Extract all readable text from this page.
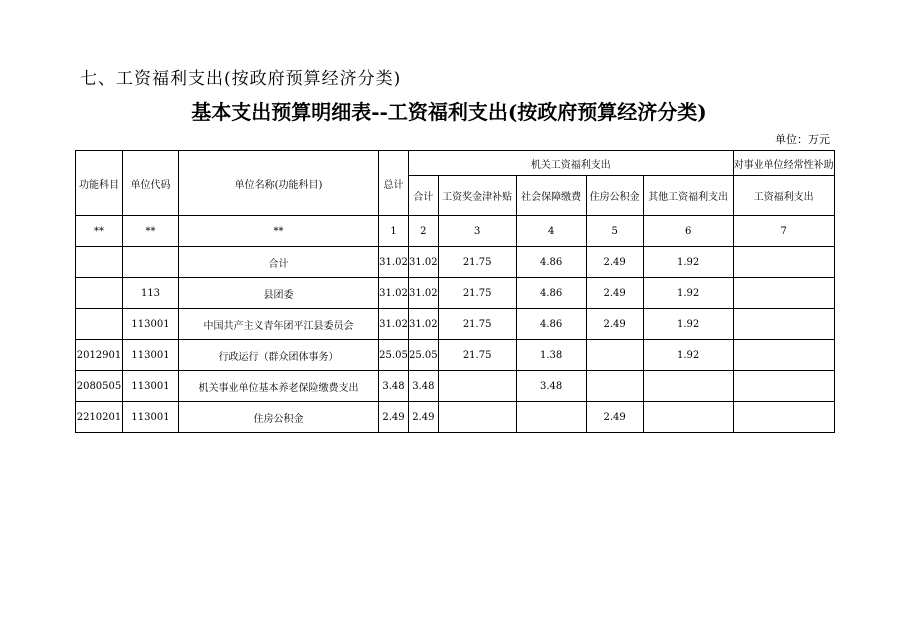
七、工资福利支出(按政府预算经济分类)
基本支出预算明细表--工资福利支出(按政府预算经济分类)
单位：万元
功能科目	单位代码	单位名称(功能科目)	总计	机关工资福利支出					对事业单位经常性补助
				合计	工资奖金津补贴	社会保障缴费	住房公积金	其他工资福利支出	工资福利支出
**	**	**	1	2	3	4	5	6	7
		合计	31.02	31.02	21.75	4.86	2.49	1.92	
	113	县团委	31.02	31.02	21.75	4.86	2.49	1.92	
	113001	中国共产主义青年团平江县委员会	31.02	31.02	21.75	4.86	2.49	1.92	
2012901	113001	行政运行（群众团体事务）	25.05	25.05	21.75	1.38		1.92	
2080505	113001	机关事业单位基本养老保险缴费支出	3.48	3.48		3.48			
2210201	113001	住房公积金	2.49	2.49			2.49		
